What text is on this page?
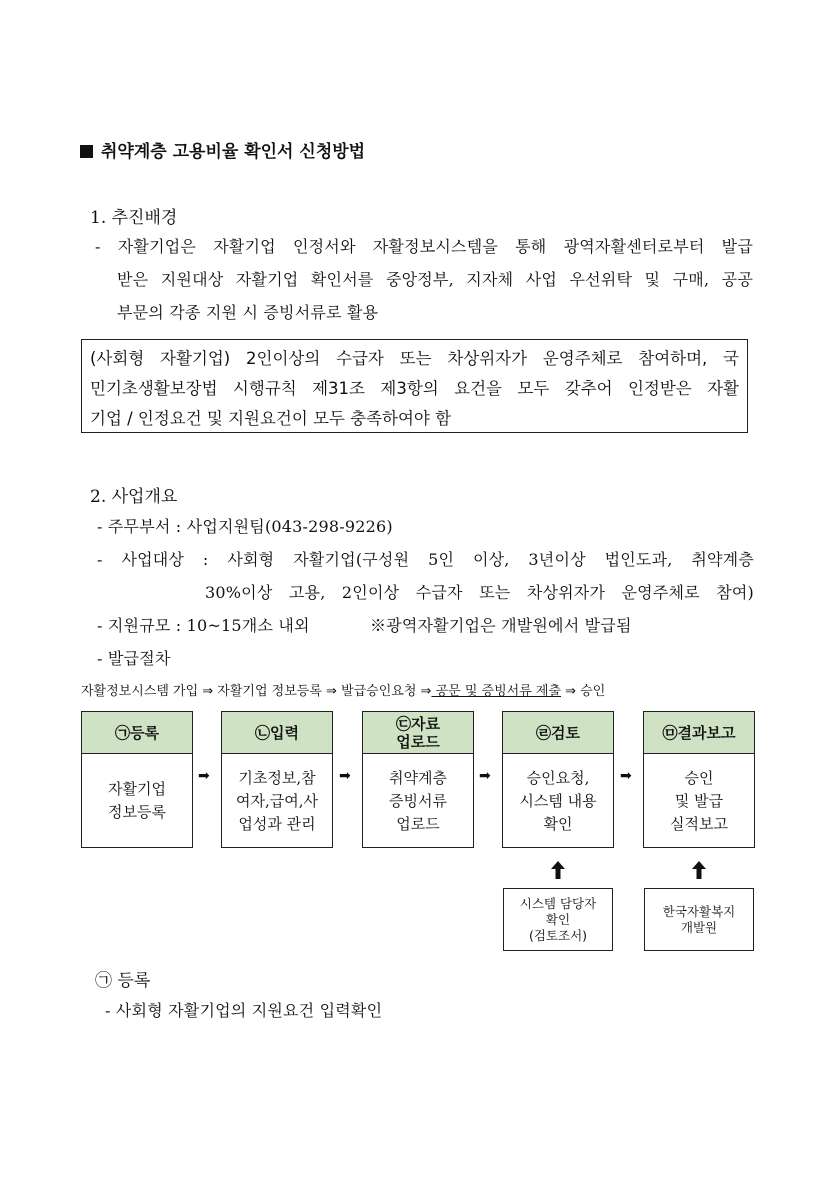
취약계층 고용비율 확인서 신청방법
1. 추진배경
- 자활기업은 자활기업 인정서와 자활정보시스템을 통해 광역자활센터로부터 발급
받은 지원대상 자활기업 확인서를 중앙정부, 지자체 사업 우선위탁 및 구매, 공공
부문의 각종 지원 시 증빙서류로 활용
(사회형 자활기업) 2인이상의 수급자 또는 차상위자가 운영주체로 참여하며, 국
민기초생활보장법 시행규칙 제31조 제3항의 요건을 모두 갖추어 인정받은 자활
기업 / 인정요건 및 지원요건이 모두 충족하여야 함
2. 사업개요
- 주무부서 : 사업지원팀(043-298-9226)
- 사업대상 : 사회형 자활기업(구성원 5인 이상, 3년이상 법인도과, 취약계층
30%이상 고용, 2인이상 수급자 또는 차상위자가 운영주체로 참여)
- 지원규모 : 10~15개소 내외	※광역자활기업은 개발원에서 발급됨
- 발급절차
자활정보시스템 가입 ⇒ 자활기업 정보등록 ⇒ 발급승인요청 ⇒ 공문 및 증빙서류 제출 ⇒ 승인
㉠등록
자활기업
정보등록
➡
㉡입력
기초정보,참
여자,급여,사
업성과 관리
➡
㉢자료
업로드
취약계층
증빙서류
업로드
➡
㉣검토
승인요청,
시스템 내용
확인
➡
㉤결과보고
승인
및 발급
실적보고
시스템 담당자
확인
(검토조서)
한국자활복지
개발원
㉠ 등록
- 사회형 자활기업의 지원요건 입력확인
